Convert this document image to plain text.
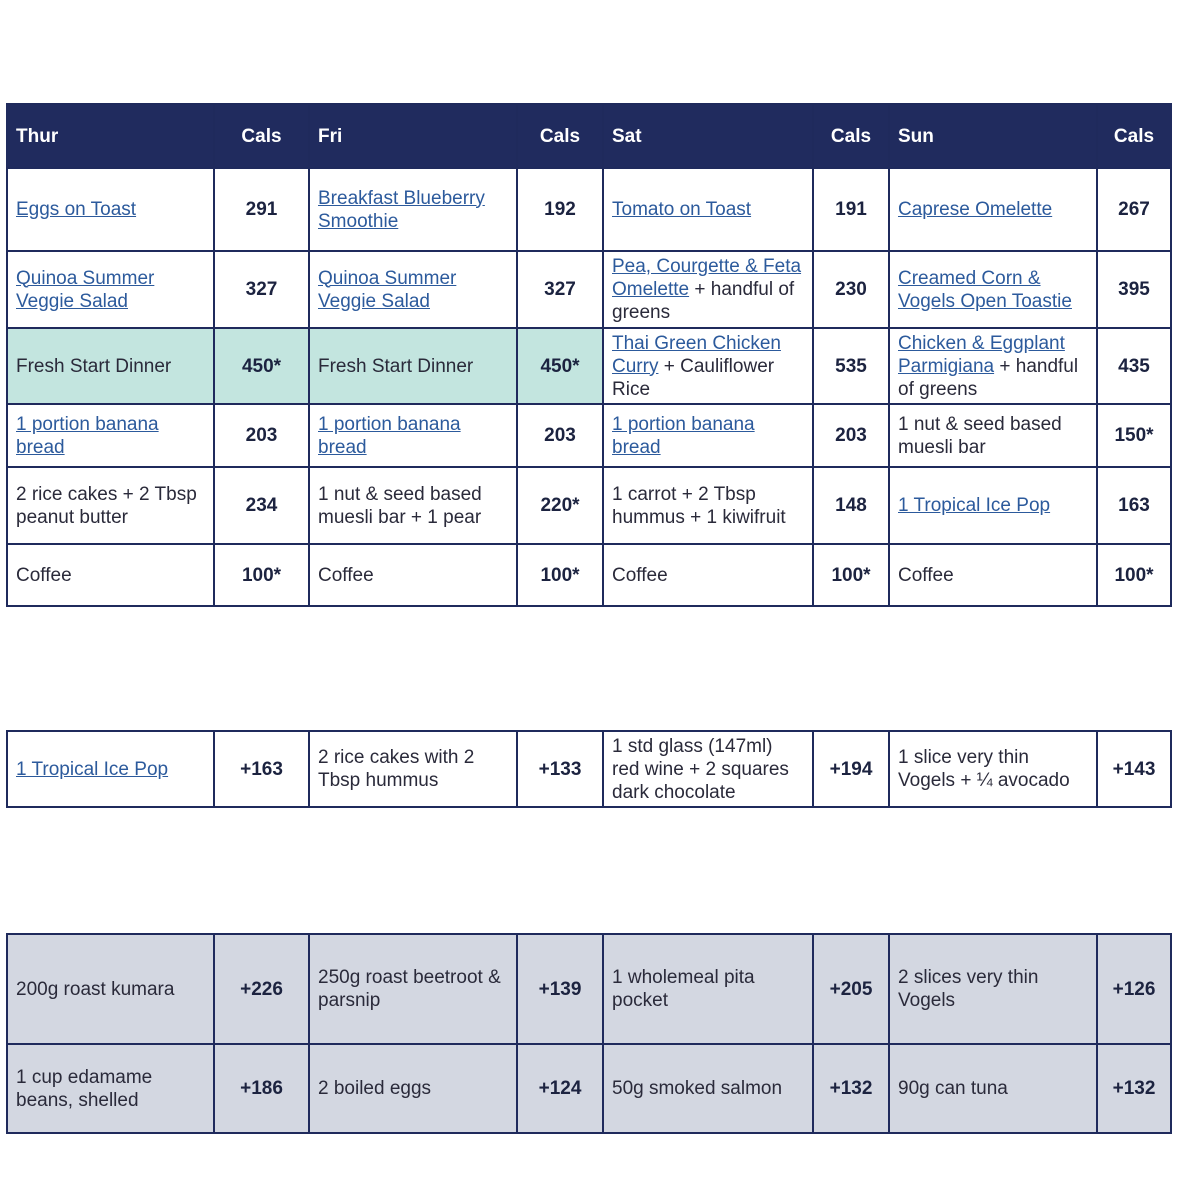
Thur	Cals	Fri	Cals	Sat	Cals	Sun	Cals
Eggs on Toast	291	Breakfast Blueberry Smoothie	192	Tomato on Toast	191	Caprese Omelette	267
Quinoa Summer Veggie Salad	327	Quinoa Summer Veggie Salad	327	Pea, Courgette & Feta Omelette + handful of greens	230	Creamed Corn & Vogels Open Toastie	395
Fresh Start Dinner	450*	Fresh Start Dinner	450*	Thai Green Chicken Curry + Cauliflower Rice	535	Chicken & Eggplant Parmigiana + handful of greens	435
1 portion banana bread	203	1 portion banana bread	203	1 portion banana bread	203	1 nut & seed based muesli bar	150*
2 rice cakes + 2 Tbsp peanut butter	234	1 nut & seed based muesli bar + 1 pear	220*	1 carrot + 2 Tbsp hummus + 1 kiwifruit	148	1 Tropical Ice Pop	163
Coffee	100*	Coffee	100*	Coffee	100*	Coffee	100*
1 Tropical Ice Pop	+163	2 rice cakes with 2 Tbsp hummus	+133	1 std glass (147ml) red wine + 2 squares dark chocolate	+194	1 slice very thin Vogels + ¼ avocado	+143
200g roast kumara	+226	250g roast beetroot & parsnip	+139	1 wholemeal pita pocket	+205	2 slices very thin Vogels	+126
1 cup edamame beans, shelled	+186	2 boiled eggs	+124	50g smoked salmon	+132	90g can tuna	+132
